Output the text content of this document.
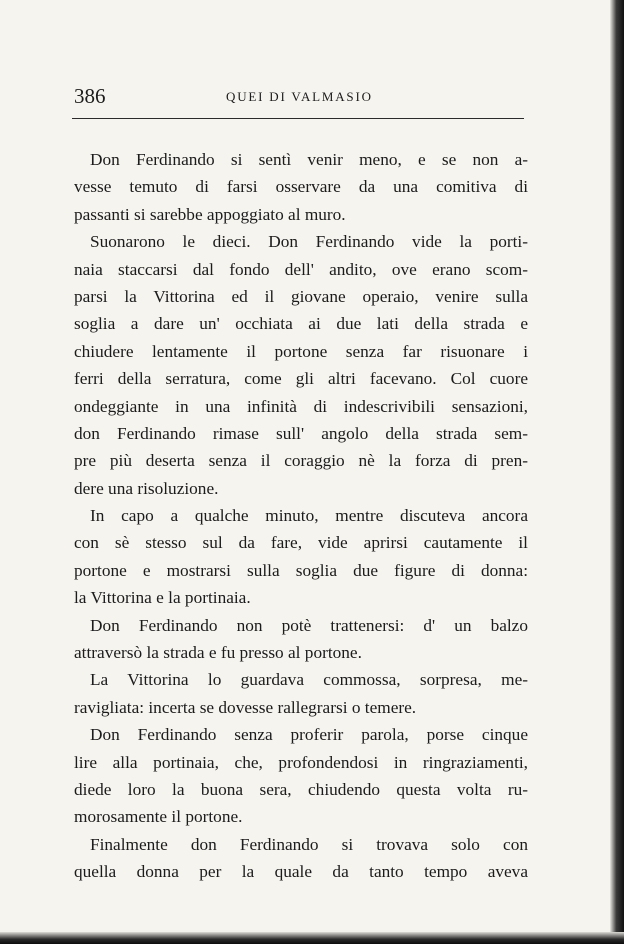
386	QUEI DI VALMASIO
Don Ferdinando si sentì venir meno, e se non a-
vesse temuto di farsi osservare da una comitiva di
passanti si sarebbe appoggiato al muro.
Suonarono le dieci. Don Ferdinando vide la porti-
naia staccarsi dal fondo dell' andito, ove erano scom-
parsi la Vittorina ed il giovane operaio, venire sulla
soglia a dare un' occhiata ai due lati della strada e
chiudere lentamente il portone senza far risuonare i
ferri della serratura, come gli altri facevano. Col cuore
ondeggiante in una infinità di indescrivibili sensazioni,
don Ferdinando rimase sull' angolo della strada sem-
pre più deserta senza il coraggio nè la forza di pren-
dere una risoluzione.
In capo a qualche minuto, mentre discuteva ancora
con sè stesso sul da fare, vide aprirsi cautamente il
portone e mostrarsi sulla soglia due figure di donna:
la Vittorina e la portinaia.
Don Ferdinando non potè trattenersi: d' un balzo
attraversò la strada e fu presso al portone.
La Vittorina lo guardava commossa, sorpresa, me-
ravigliata: incerta se dovesse rallegrarsi o temere.
Don Ferdinando senza proferir parola, porse cinque
lire alla portinaia, che, profondendosi in ringraziamenti,
diede loro la buona sera, chiudendo questa volta ru-
morosamente il portone.
Finalmente don Ferdinando si trovava solo con
quella donna per la quale da tanto tempo aveva
